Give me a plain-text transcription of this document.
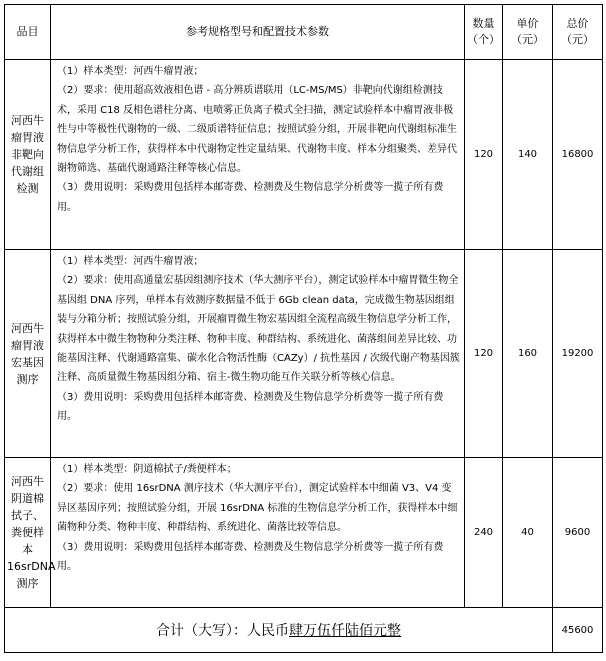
品目	参考规格型号和配置技术参数	数量（个）	单价（元）	总价（元）
河西牛瘤胃液非靶向代谢组检测	（1）样本类型：河西牛瘤胃液；

（2）要求：使用超高效液相色谱 - 高分辨质谱联用（LC-MS/MS）非靶向代谢组检测技术，采用 C18 反相色谱柱分离、电喷雾正负离子模式全扫描，测定试验样本中瘤胃液非极性与中等极性代谢物的一级、二级质谱特征信息；按照试验分组，开展非靶向代谢组标准生物信息学分析工作，获得样本中代谢物定性定量结果、代谢物丰度、样本分组聚类、差异代谢物筛选、基础代谢通路注释等核心信息。

（3）费用说明：采购费用包括样本邮寄费、检测费及生物信息学分析费等一揽子所有费用。	120	140	16800
河西牛瘤胃液宏基因测序	（1）样本类型：河西牛瘤胃液；

（2）要求：使用高通量宏基因组测序技术（华大测序平台），测定试验样本中瘤胃微生物全基因组 DNA 序列，单样本有效测序数据量不低于 6Gb clean data，完成微生物基因组组装与分箱分析；按照试验分组，开展瘤胃微生物宏基因组全流程高级生物信息学分析工作，获得样本中微生物物种分类注释、物种丰度、种群结构、系统进化、菌落组间差异比较、功能基因注释、代谢通路富集、碳水化合物活性酶（CAZy）/ 抗性基因 / 次级代谢产物基因簇注释、高质量微生物基因组分箱、宿主-微生物功能互作关联分析等核心信息。

（3）费用说明：采购费用包括样本邮寄费、检测费及生物信息学分析费等一揽子所有费用。	120	160	19200
河西牛阴道棉拭子、粪便样本16srDNA测序	（1）样本类型：阴道棉拭子/粪便样本；

（2）要求：使用 16srDNA 测序技术（华大测序平台），测定试验样本中细菌 V3、V4 变异区基因序列；按照试验分组，开展 16srDNA 标准的生物信息学分析工作，获得样本中细菌物种分类、物种丰度、种群结构、系统进化、菌落比较等信息。

（3）费用说明：采购费用包括样本邮寄费、检测费及生物信息学分析费等一揽子所有费用。	240	40	9600
合计（大写）：人民币肆万伍仟陆佰元整				45600
